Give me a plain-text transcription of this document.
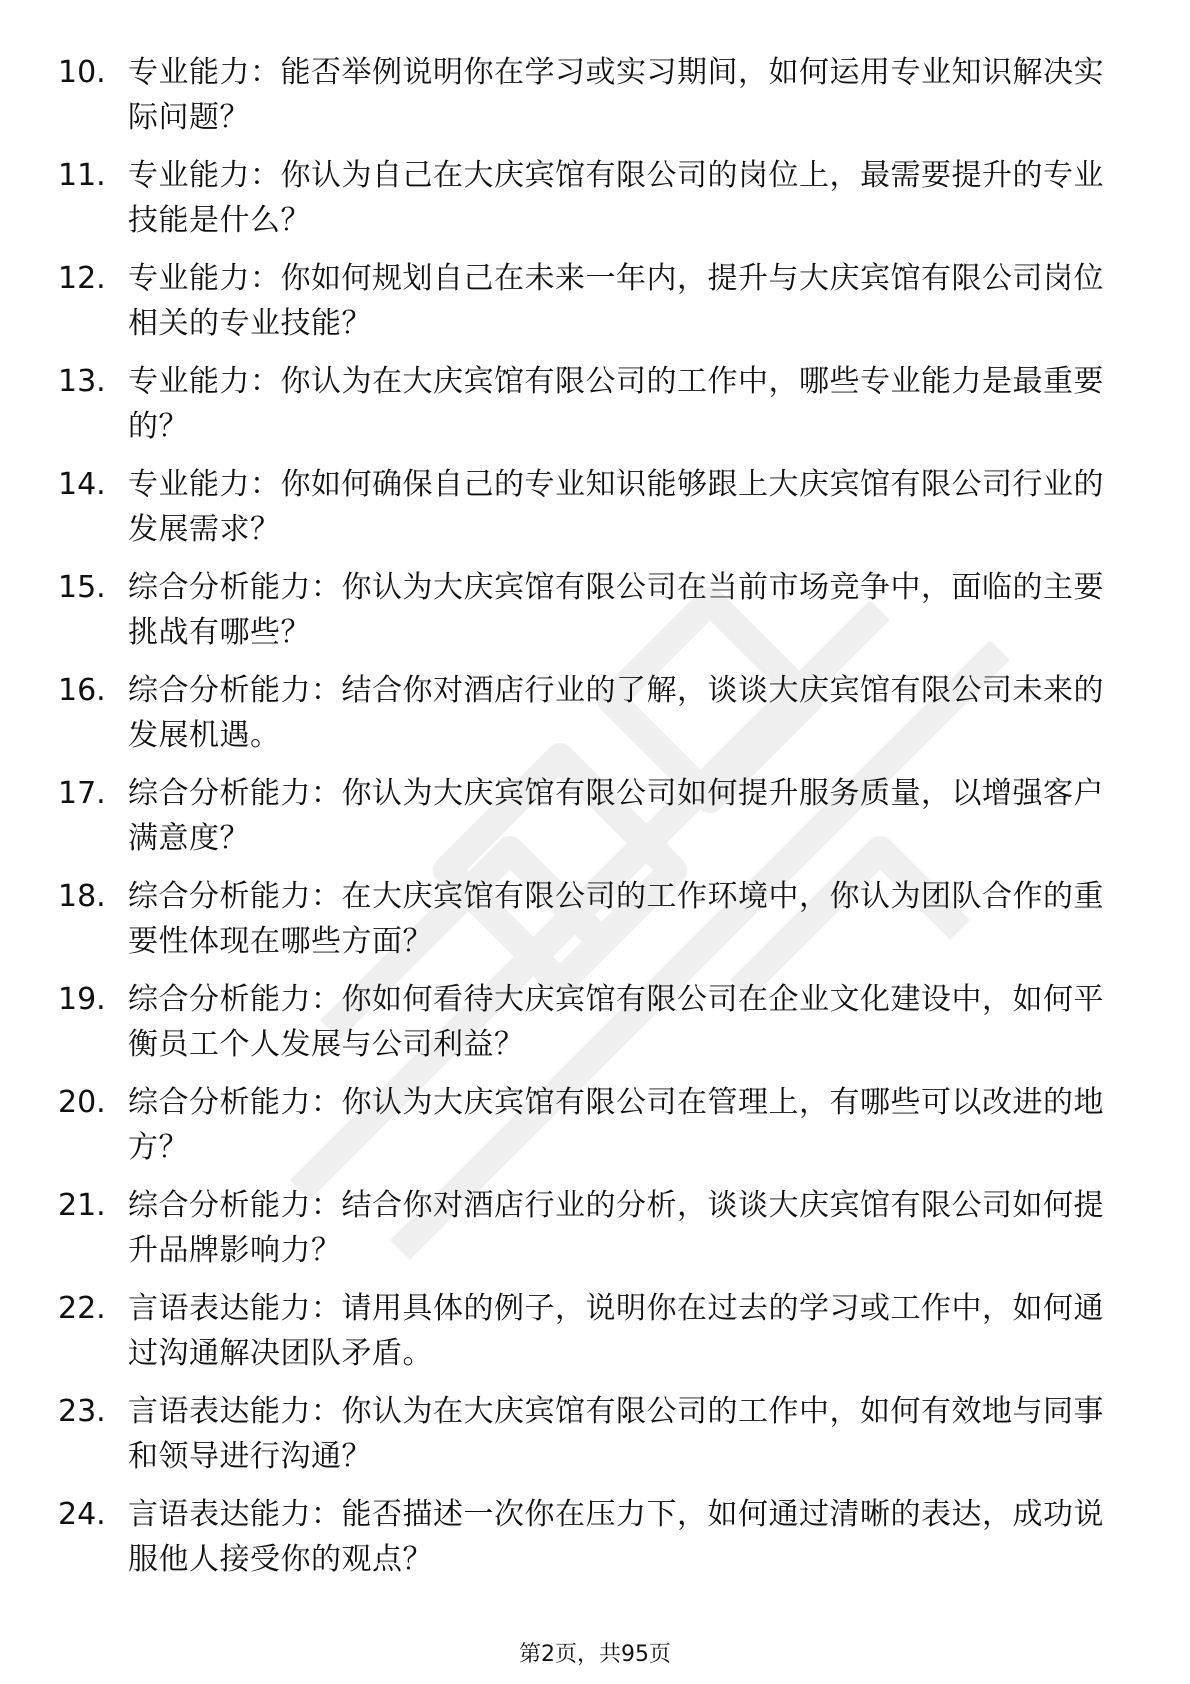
10. 专业能力：能否举例说明你在学习或实习期间，如何运用专业知识解决实际问题？
11. 专业能力：你认为自己在大庆宾馆有限公司的岗位上，最需要提升的专业技能是什么？
12. 专业能力：你如何规划自己在未来一年内，提升与大庆宾馆有限公司岗位相关的专业技能？
13. 专业能力：你认为在大庆宾馆有限公司的工作中，哪些专业能力是最重要的？
14. 专业能力：你如何确保自己的专业知识能够跟上大庆宾馆有限公司行业的发展需求？
15. 综合分析能力：你认为大庆宾馆有限公司在当前市场竞争中，面临的主要挑战有哪些？
16. 综合分析能力：结合你对酒店行业的了解，谈谈大庆宾馆有限公司未来的发展机遇。
17. 综合分析能力：你认为大庆宾馆有限公司如何提升服务质量，以增强客户满意度？
18. 综合分析能力：在大庆宾馆有限公司的工作环境中，你认为团队合作的重要性体现在哪些方面？
19. 综合分析能力：你如何看待大庆宾馆有限公司在企业文化建设中，如何平衡员工个人发展与公司利益？
20. 综合分析能力：你认为大庆宾馆有限公司在管理上，有哪些可以改进的地方？
21. 综合分析能力：结合你对酒店行业的分析，谈谈大庆宾馆有限公司如何提升品牌影响力？
22. 言语表达能力：请用具体的例子，说明你在过去的学习或工作中，如何通过沟通解决团队矛盾。
23. 言语表达能力：你认为在大庆宾馆有限公司的工作中，如何有效地与同事和领导进行沟通？
24. 言语表达能力：能否描述一次你在压力下，如何通过清晰的表达，成功说服他人接受你的观点？
第2页，共95页
